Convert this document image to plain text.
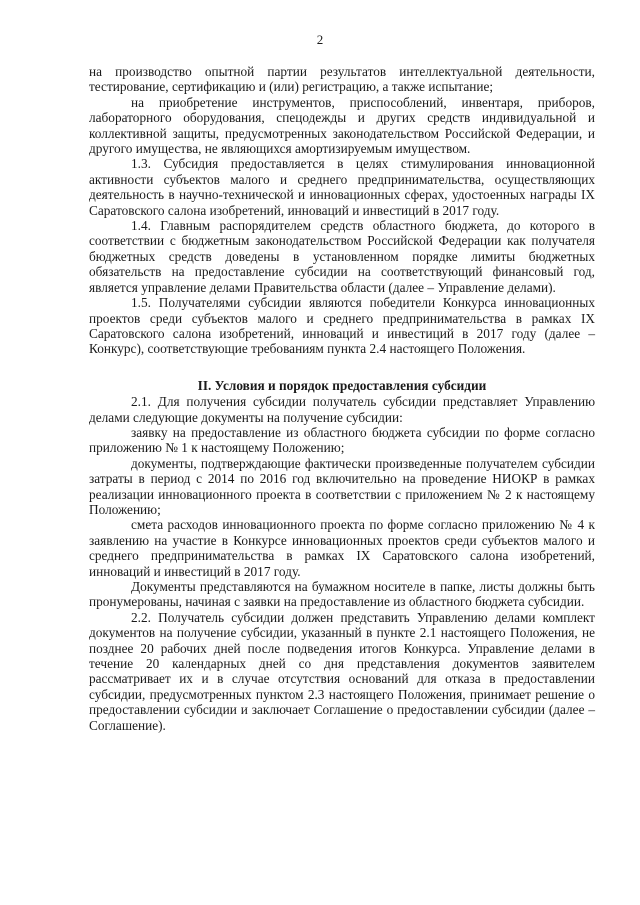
2

на производство опытной партии результатов интеллектуальной деятельности, тестирование, сертификацию и (или) регистрацию, а также испытание;

на приобретение инструментов, приспособлений, инвентаря, приборов, лабораторного оборудования, спецодежды и других средств индивидуальной и коллективной защиты, предусмотренных законодательством Российской Федерации, и другого имущества, не являющихся амортизируемым имуществом.

1.3. Субсидия предоставляется в целях стимулирования инновационной активности субъектов малого и среднего предпринимательства, осуществляющих деятельность в научно-технической и инновационных сферах, удостоенных награды IX Саратовского салона изобретений, инноваций и инвестиций в 2017 году.

1.4. Главным распорядителем средств областного бюджета, до которого в соответствии с бюджетным законодательством Российской Федерации как получателя бюджетных средств доведены в установленном порядке лимиты бюджетных обязательств на предоставление субсидии на соответствующий финансовый год, является управление делами Правительства области (далее – Управление делами).

1.5. Получателями субсидии являются победители Конкурса инновационных проектов среди субъектов малого и среднего предпринимательства в рамках IX Саратовского салона изобретений, инноваций и инвестиций в 2017 году (далее – Конкурс), соответствующие требованиям пункта 2.4 настоящего Положения.

II. Условия и порядок предоставления субсидии

2.1. Для получения субсидии получатель субсидии представляет Управлению делами следующие документы на получение субсидии:

заявку на предоставление из областного бюджета субсидии по форме согласно приложению № 1 к настоящему Положению;

документы, подтверждающие фактически произведенные получателем субсидии затраты в период с 2014 по 2016 год включительно на проведение НИОКР в рамках реализации инновационного проекта в соответствии с приложением № 2 к настоящему Положению;

смета расходов инновационного проекта по форме согласно приложению № 4 к заявлению на участие в Конкурсе инновационных проектов среди субъектов малого и среднего предпринимательства в рамках IX Саратовского салона изобретений, инноваций и инвестиций в 2017 году.

Документы представляются на бумажном носителе в папке, листы должны быть пронумерованы, начиная с заявки на предоставление из областного бюджета субсидии.

2.2. Получатель субсидии должен представить Управлению делами комплект документов на получение субсидии, указанный в пункте 2.1 настоящего Положения, не позднее 20 рабочих дней после подведения итогов Конкурса. Управление делами в течение 20 календарных дней со дня представления документов заявителем рассматривает их и в случае отсутствия оснований для отказа в предоставлении субсидии, предусмотренных пунктом 2.3 настоящего Положения, принимает решение о предоставлении субсидии и заключает Соглашение о предоставлении субсидии (далее – Соглашение).
